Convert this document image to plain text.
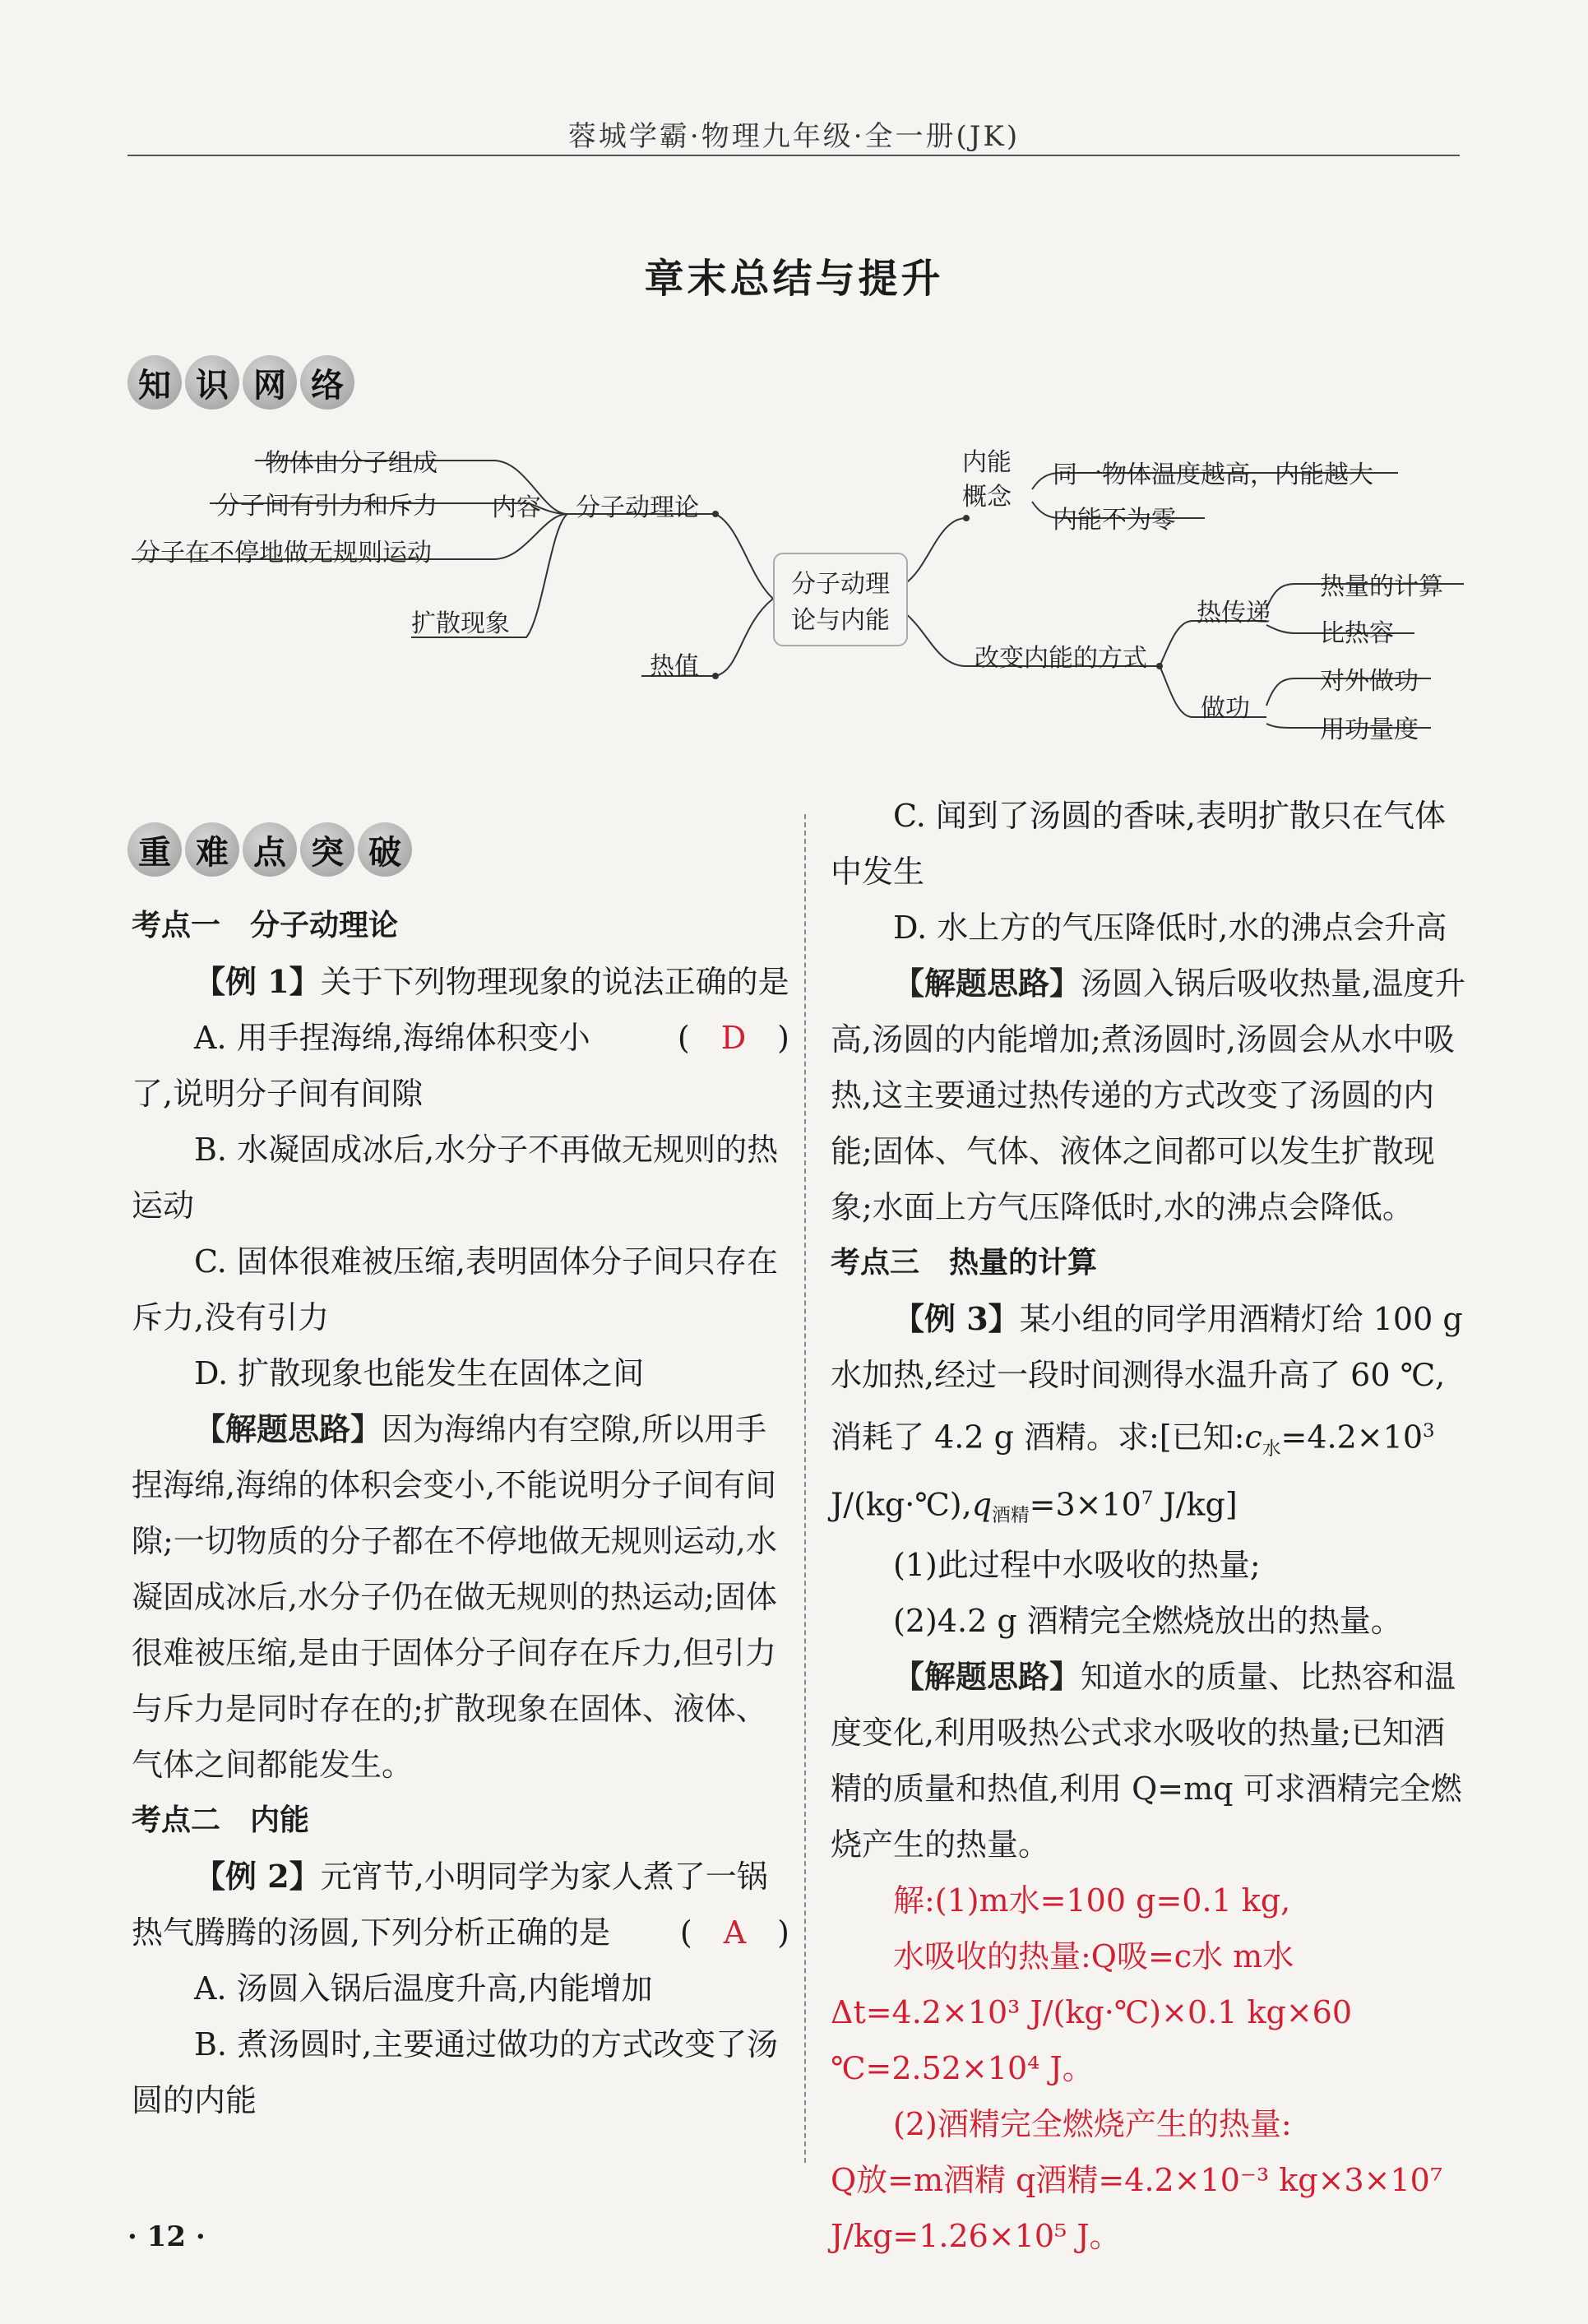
蓉城学霸·物理九年级·全一册(JK)
章末总结与提升
知 识 网 络
物体由分子组成
分子间有引力和斥力
分子在不停地做无规则运动
内容 分子动理论
扩散现象
热值
分子动理
论与内能
内能
概念
同一物体温度越高，内能越大
内能不为零
改变内能的方式
热传递
做功
热量的计算
比热容
对外做功
用功量度
重 难 点 突 破

考点一　分子动理论

【例 1】关于下列物理现象的说法正确的是
(　D　)

A. 用手捏海绵,海绵体积变小了,说明分子间有间隙

B. 水凝固成冰后,水分子不再做无规则的热运动

C. 固体很难被压缩,表明固体分子间只存在斥力,没有引力

D. 扩散现象也能发生在固体之间

【解题思路】因为海绵内有空隙,所以用手捏海绵,海绵的体积会变小,不能说明分子间有间隙;一切物质的分子都在不停地做无规则运动,水凝固成冰后,水分子仍在做无规则的热运动;固体很难被压缩,是由于固体分子间存在斥力,但引力与斥力是同时存在的;扩散现象在固体、液体、气体之间都能发生。

考点二　内能

【例 2】元宵节,小明同学为家人煮了一锅热气腾腾的汤圆,下列分析正确的是	(　A　)

A. 汤圆入锅后温度升高,内能增加

B. 煮汤圆时,主要通过做功的方式改变了汤圆的内能

C. 闻到了汤圆的香味,表明扩散只在气体中发生

D. 水上方的气压降低时,水的沸点会升高

【解题思路】汤圆入锅后吸收热量,温度升高,汤圆的内能增加;煮汤圆时,汤圆会从水中吸热,这主要通过热传递的方式改变了汤圆的内能;固体、气体、液体之间都可以发生扩散现象;水面上方气压降低时,水的沸点会降低。

考点三　热量的计算

【例 3】某小组的同学用酒精灯给 100 g 水加热,经过一段时间测得水温升高了 60 ℃,消耗了 4.2 g 酒精。求:[已知$:c_水=4.2\times 10^3$ $J/(kg\cdot℃),q_{酒精}=3\times 10^7$ J/kg]

(1)此过程中水吸收的热量;

(2)4.2 g 酒精完全燃烧放出的热量。

【解题思路】知道水的质量、比热容和温度变化,利用吸热公式求水吸收的热量;已知酒精的质量和热值,利用 Q=mq 可求酒精完全燃烧产生的热量。

解:(1)m水=100 g=0.1 kg,

水吸收的热量:Q吸=c水 m水 Δt=4.2×10³ J/(kg·℃)×0.1 kg×60 ℃=2.52×10⁴ J。

(2)酒精完全燃烧产生的热量:

Q放=m酒精 q酒精=4.2×10⁻³ kg×3×10⁷ J/kg=1.26×10⁵ J。

· 12 ·
